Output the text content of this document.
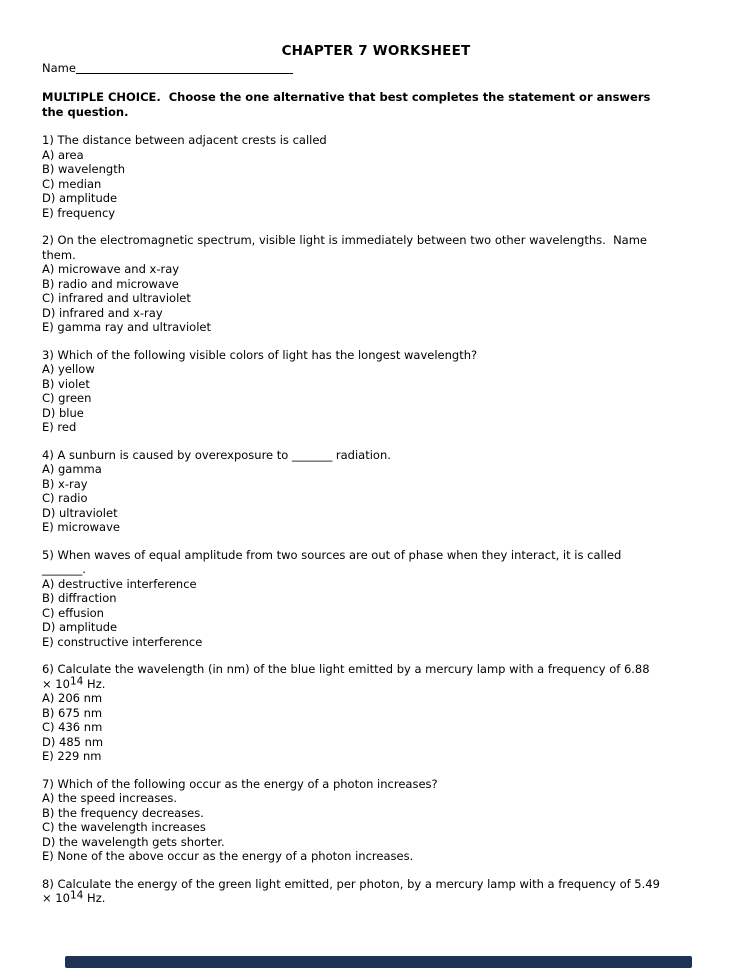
CHAPTER 7 WORKSHEET
Name
MULTIPLE CHOICE.  Choose the one alternative that best completes the statement or answers
the question.
1) The distance between adjacent crests is called
A) area
B) wavelength
C) median
D) amplitude
E) frequency
2) On the electromagnetic spectrum, visible light is immediately between two other wavelengths.  Name
them.
A) microwave and x-ray
B) radio and microwave
C) infrared and ultraviolet
D) infrared and x-ray
E) gamma ray and ultraviolet
3) Which of the following visible colors of light has the longest wavelength?
A) yellow
B) violet
C) green
D) blue
E) red
4) A sunburn is caused by overexposure to _______ radiation.
A) gamma
B) x-ray
C) radio
D) ultraviolet
E) microwave
5) When waves of equal amplitude from two sources are out of phase when they interact, it is called
_______.
A) destructive interference
B) diffraction
C) effusion
D) amplitude
E) constructive interference
6) Calculate the wavelength (in nm) of the blue light emitted by a mercury lamp with a frequency of 6.88
× $10^{14}$ Hz.
A) 206 nm
B) 675 nm
C) 436 nm
D) 485 nm
E) 229 nm
7) Which of the following occur as the energy of a photon increases?
A) the speed increases.
B) the frequency decreases.
C) the wavelength increases
D) the wavelength gets shorter.
E) None of the above occur as the energy of a photon increases.
8) Calculate the energy of the green light emitted, per photon, by a mercury lamp with a frequency of 5.49
× $10^{14}$ Hz.
